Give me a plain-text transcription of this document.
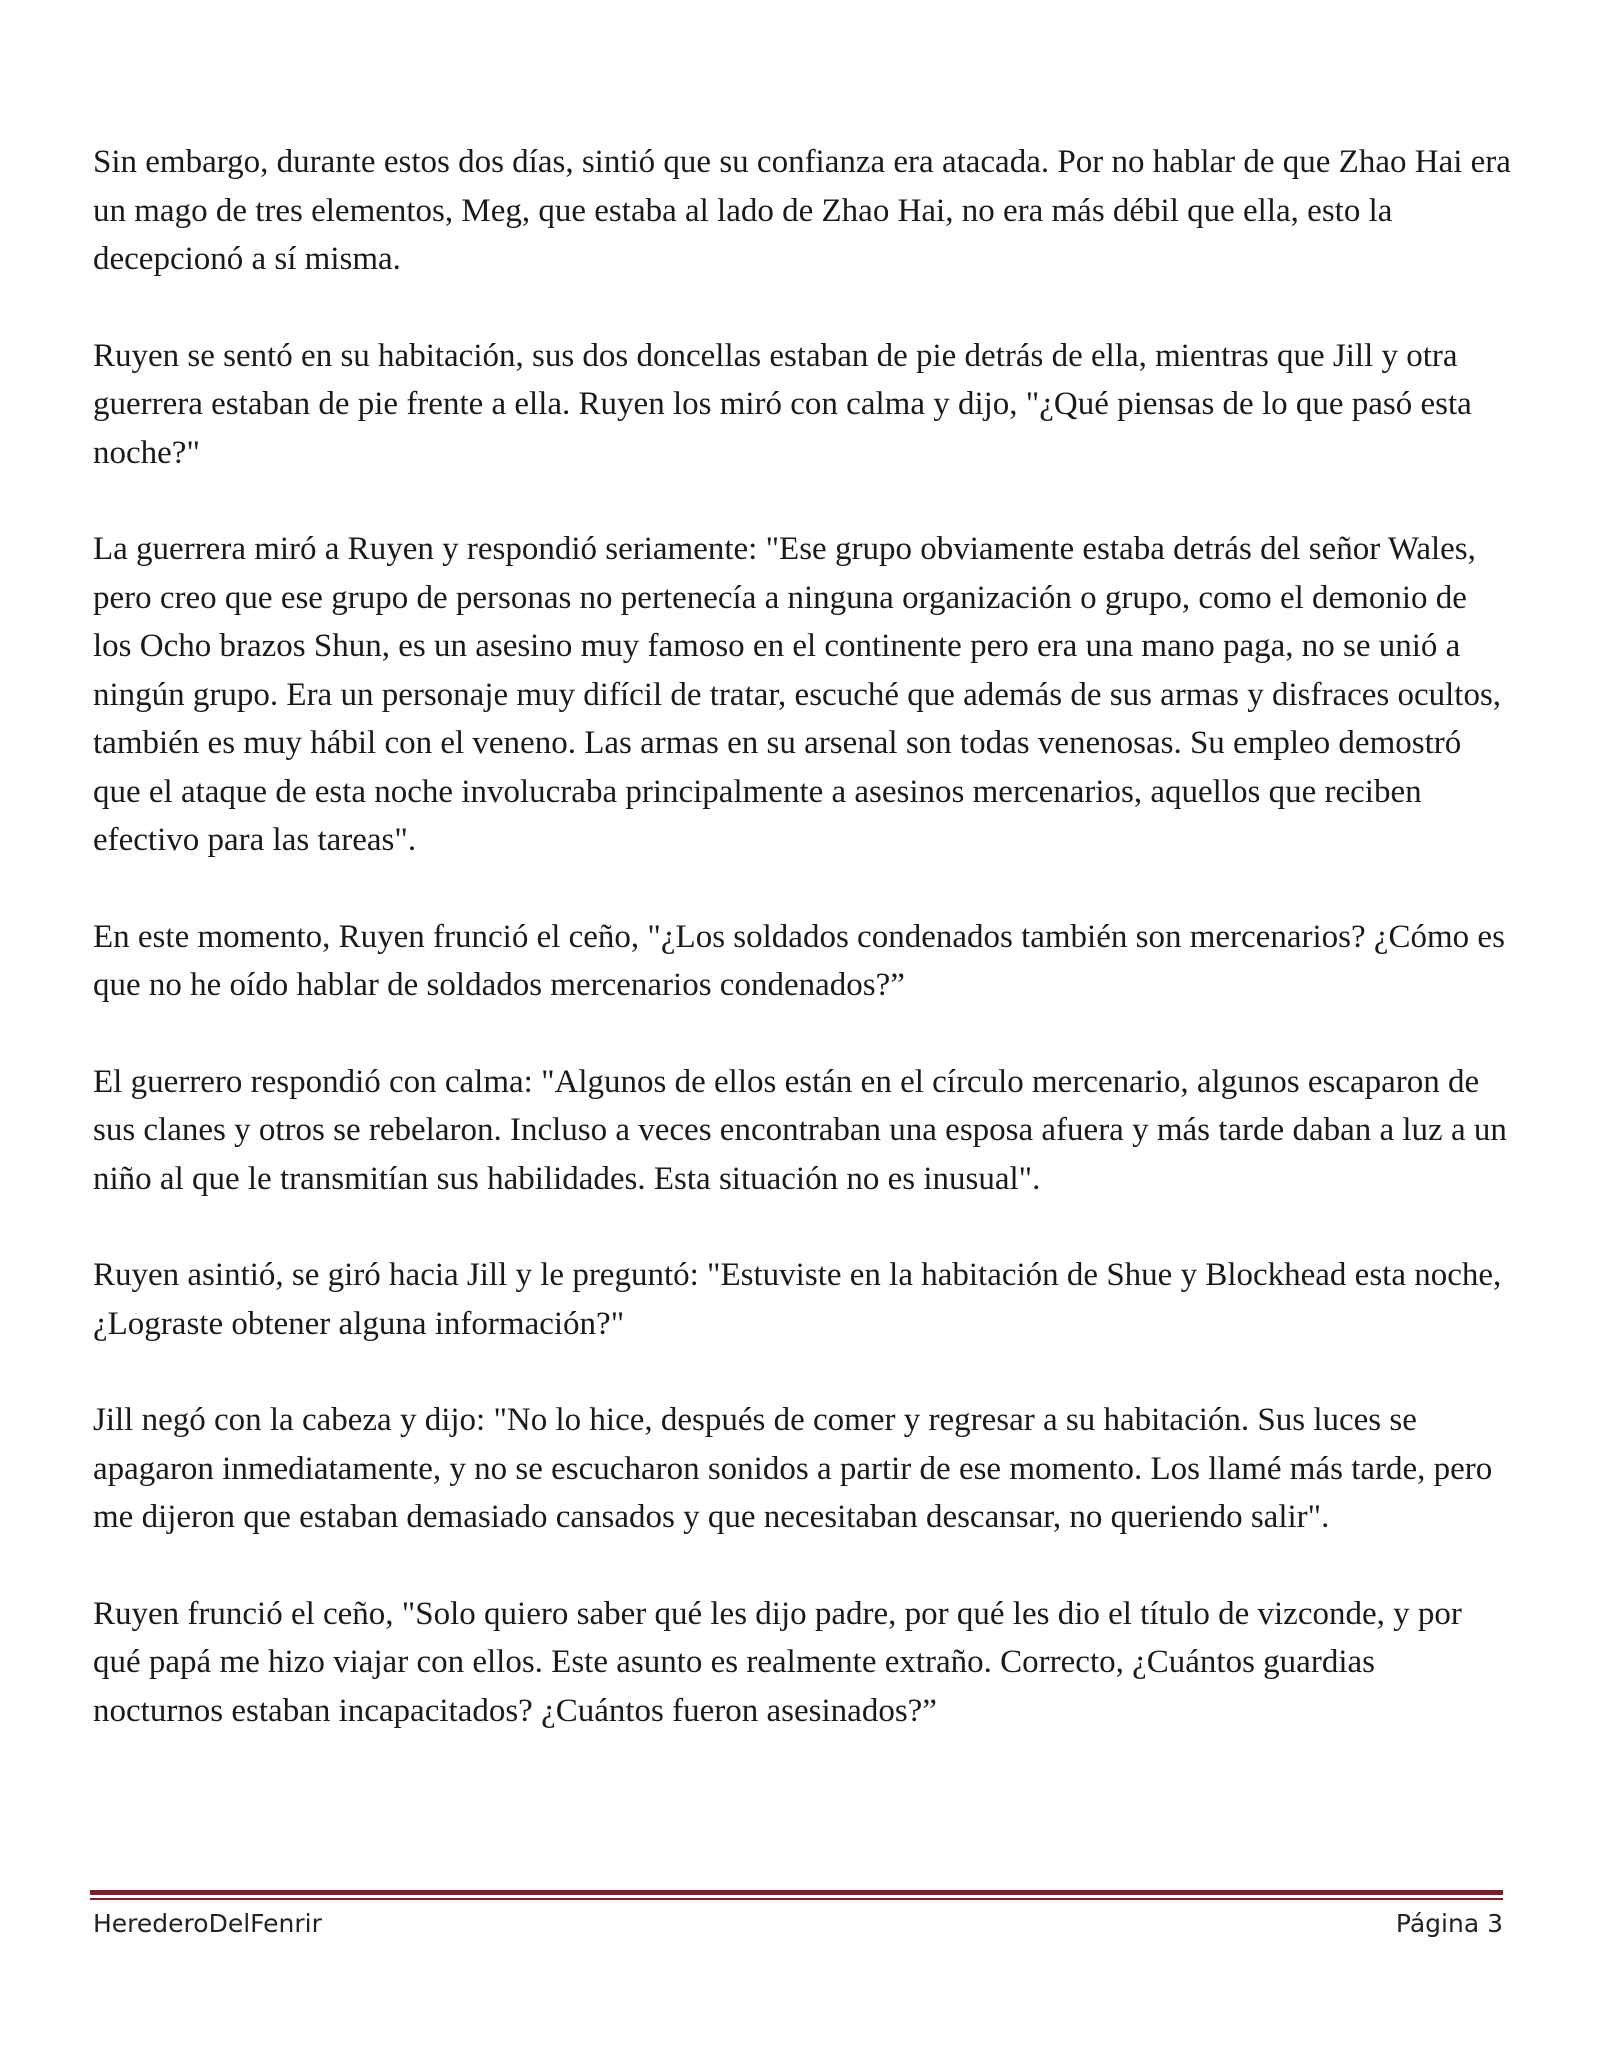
Sin embargo, durante estos dos días, sintió que su confianza era atacada. Por no hablar de que Zhao Hai era un mago de tres elementos, Meg, que estaba al lado de Zhao Hai, no era más débil que ella, esto la decepcionó a sí misma.

Ruyen se sentó en su habitación, sus dos doncellas estaban de pie detrás de ella, mientras que Jill y otra guerrera estaban de pie frente a ella. Ruyen los miró con calma y dijo, "¿Qué piensas de lo que pasó esta noche?"

La guerrera miró a Ruyen y respondió seriamente: "Ese grupo obviamente estaba detrás del señor Wales, pero creo que ese grupo de personas no pertenecía a ninguna organización o grupo, como el demonio de los Ocho brazos Shun, es un asesino muy famoso en el continente pero era una mano paga, no se unió a ningún grupo. Era un personaje muy difícil de tratar, escuché que además de sus armas y disfraces ocultos, también es muy hábil con el veneno. Las armas en su arsenal son todas venenosas. Su empleo demostró que el ataque de esta noche involucraba principalmente a asesinos mercenarios, aquellos que reciben efectivo para las tareas".

En este momento, Ruyen frunció el ceño, "¿Los soldados condenados también son mercenarios? ¿Cómo es que no he oído hablar de soldados mercenarios condenados?”

El guerrero respondió con calma: "Algunos de ellos están en el círculo mercenario, algunos escaparon de sus clanes y otros se rebelaron. Incluso a veces encontraban una esposa afuera y más tarde daban a luz a un niño al que le transmitían sus habilidades. Esta situación no es inusual".

Ruyen asintió, se giró hacia Jill y le preguntó: "Estuviste en la habitación de Shue y Blockhead esta noche, ¿Lograste obtener alguna información?"

Jill negó con la cabeza y dijo: "No lo hice, después de comer y regresar a su habitación. Sus luces se apagaron inmediatamente, y no se escucharon sonidos a partir de ese momento. Los llamé más tarde, pero me dijeron que estaban demasiado cansados y que necesitaban descansar, no queriendo salir".

Ruyen frunció el ceño, "Solo quiero saber qué les dijo padre, por qué les dio el título de vizconde, y por qué papá me hizo viajar con ellos. Este asunto es realmente extraño. Correcto, ¿Cuántos guardias nocturnos estaban incapacitados? ¿Cuántos fueron asesinados?”

HerederoDelFenrir	Página 3
